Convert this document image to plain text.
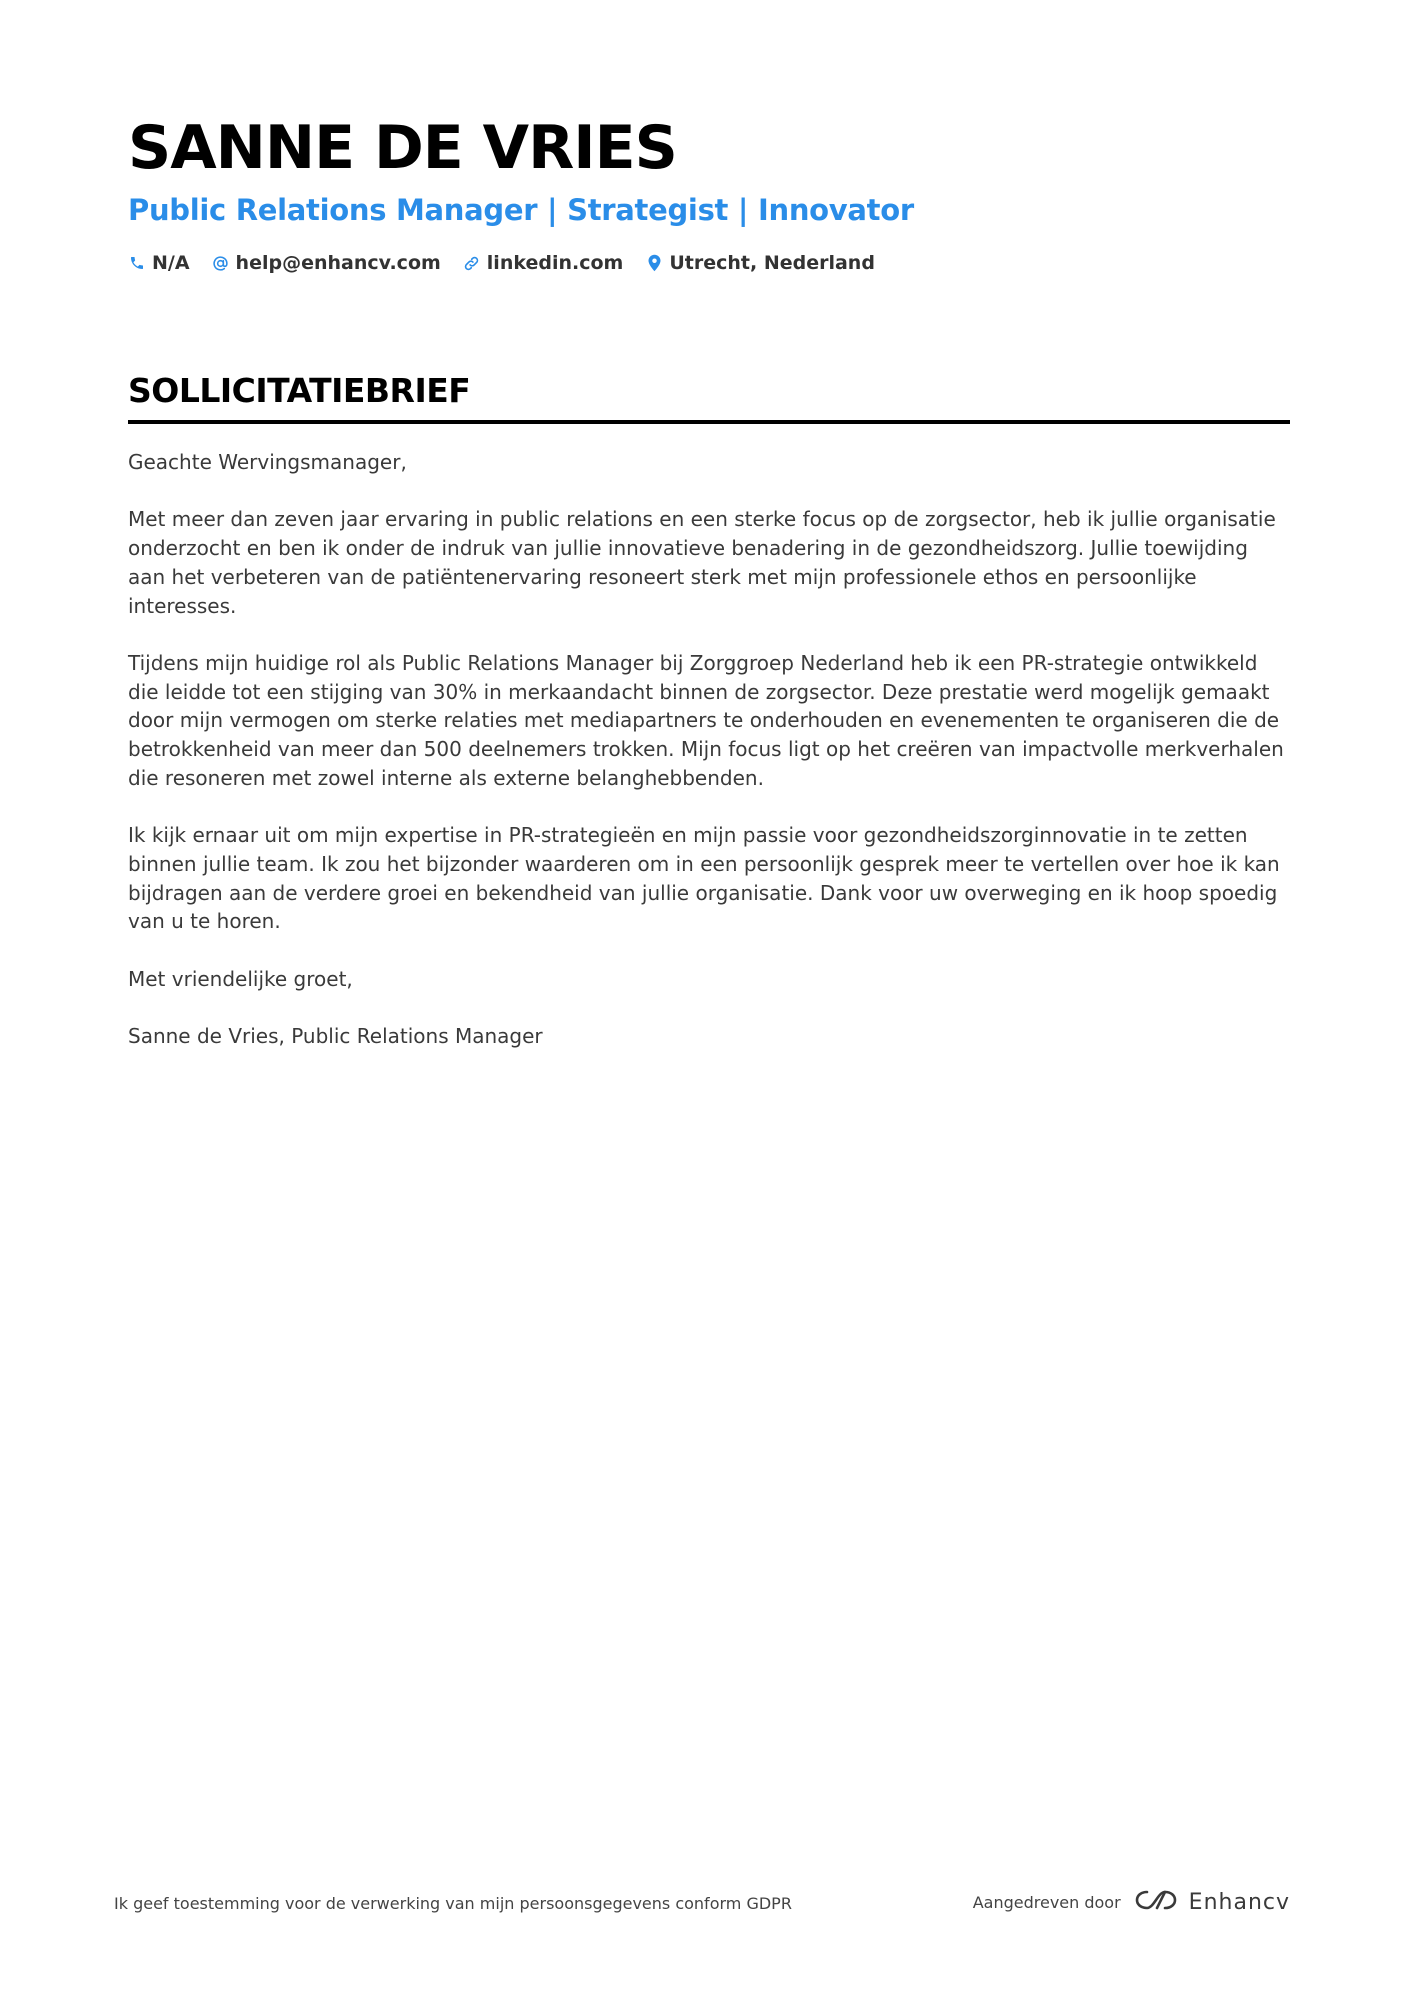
SANNE DE VRIES
Public Relations Manager | Strategist | Innovator
N/A help@enhancv.com linkedin.com Utrecht, Nederland
SOLLICITATIEBRIEF

Geachte Wervingsmanager,

Met meer dan zeven jaar ervaring in public relations en een sterke focus op de zorgsector, heb ik jullie organisatie onderzocht en ben ik onder de indruk van jullie innovatieve benadering in de gezondheidszorg. Jullie toewijding aan het verbeteren van de patiëntenervaring resoneert sterk met mijn professionele ethos en persoonlijke interesses.

Tijdens mijn huidige rol als Public Relations Manager bij Zorggroep Nederland heb ik een PR-strategie ontwikkeld die leidde tot een stijging van 30% in merkaandacht binnen de zorgsector. Deze prestatie werd mogelijk gemaakt door mijn vermogen om sterke relaties met mediapartners te onderhouden en evenementen te organiseren die de betrokkenheid van meer dan 500 deelnemers trokken. Mijn focus ligt op het creëren van impactvolle merkverhalen die resoneren met zowel interne als externe belanghebbenden.

Ik kijk ernaar uit om mijn expertise in PR-strategieën en mijn passie voor gezondheidszorginnovatie in te zetten binnen jullie team. Ik zou het bijzonder waarderen om in een persoonlijk gesprek meer te vertellen over hoe ik kan bijdragen aan de verdere groei en bekendheid van jullie organisatie. Dank voor uw overweging en ik hoop spoedig van u te horen.

Met vriendelijke groet,

Sanne de Vries, Public Relations Manager

Ik geef toestemming voor de verwerking van mijn persoonsgegevens conform GDPR	Aangedreven door	Enhancv
